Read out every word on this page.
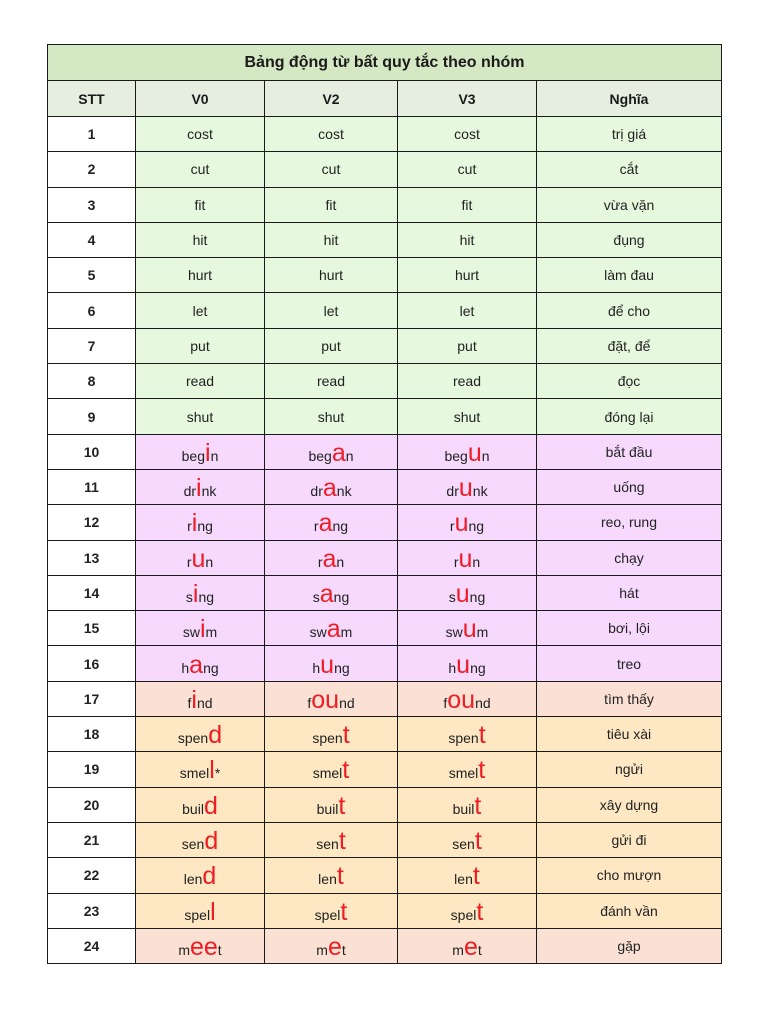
Bảng động từ bất quy tắc theo nhóm				
STT	V0	V2	V3	Nghĩa
1	cost	cost	cost	trị giá
2	cut	cut	cut	cắt
3	fit	fit	fit	vừa vặn
4	hit	hit	hit	đụng
5	hurt	hurt	hurt	làm đau
6	let	let	let	để cho
7	put	put	put	đặt, để
8	read	read	read	đọc
9	shut	shut	shut	đóng lại
10	begin	began	begun	bắt đầu
11	drink	drank	drunk	uống
12	ring	rang	rung	reo, rung
13	run	ran	run	chạy
14	sing	sang	sung	hát
15	swim	swam	swum	bơi, lội
16	hang	hung	hung	treo
17	find	found	found	tìm thấy
18	spend	spent	spent	tiêu xài
19	smell*	smelt	smelt	ngửi
20	build	built	built	xây dựng
21	send	sent	sent	gửi đi
22	lend	lent	lent	cho mượn
23	spell	spelt	spelt	đánh vần
24	meet	met	met	gặp
